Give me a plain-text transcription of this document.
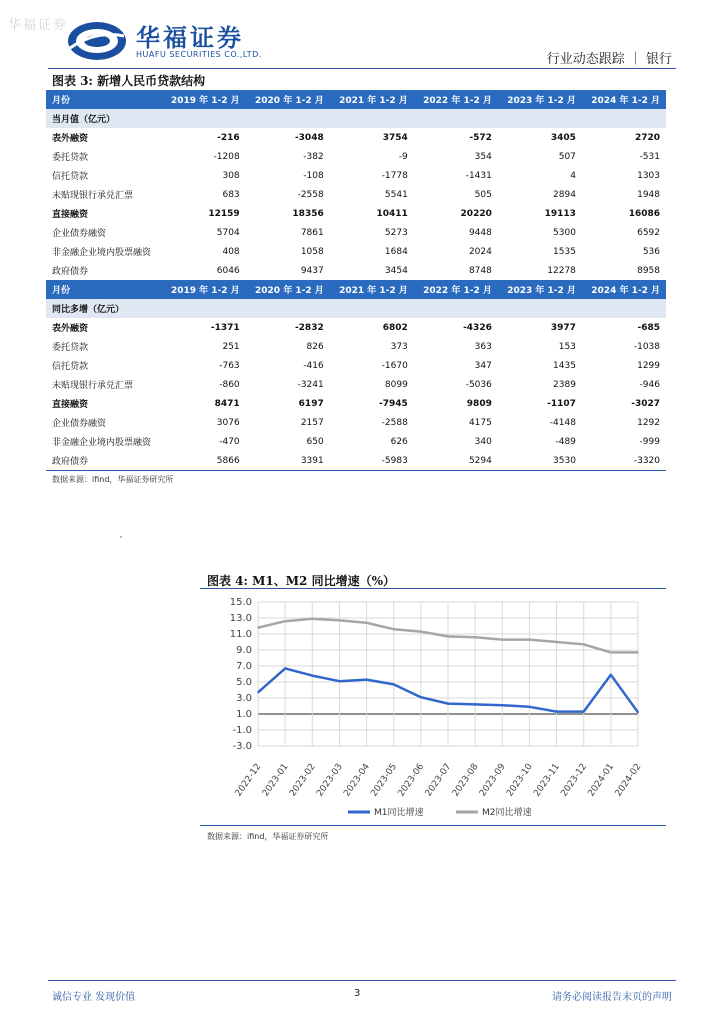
华福证券	华福证券
HUAFU SECURITIES CO.,LTD.	行业动态跟踪 ｜ 银行
图表 3: 新增人民币贷款结构
月份	2019 年 1-2 月	2020 年 1-2 月	2021 年 1-2 月	2022 年 1-2 月	2023 年 1-2 月	2024 年 1-2 月
当月值（亿元）						
表外融资	-216	-3048	3754	-572	3405	2720
委托贷款	-1208	-382	-9	354	507	-531
信托贷款	308	-108	-1778	-1431	4	1303
未贴现银行承兑汇票	683	-2558	5541	505	2894	1948
直接融资	12159	18356	10411	20220	19113	16086
企业债券融资	5704	7861	5273	9448	5300	6592
非金融企业境内股票融资	408	1058	1684	2024	1535	536
政府债券	6046	9437	3454	8748	12278	8958
月份	2019 年 1-2 月	2020 年 1-2 月	2021 年 1-2 月	2022 年 1-2 月	2023 年 1-2 月	2024 年 1-2 月
同比多增（亿元）						
表外融资	-1371	-2832	6802	-4326	3977	-685
委托贷款	251	826	373	363	153	-1038
信托贷款	-763	-416	-1670	347	1435	1299
未贴现银行承兑汇票	-860	-3241	8099	-5036	2389	-946
直接融资	8471	6197	-7945	9809	-1107	-3027
企业债券融资	3076	2157	-2588	4175	-4148	1292
非金融企业境内股票融资	-470	650	626	340	-489	-999
政府债券	5866	3391	-5983	5294	3530	-3320
数据来源：ifind，华福证券研究所
图表 4: M1、M2 同比增速（%）
15.0
13.0
11.0
9.0
7.0
5.0
3.0
1.0
-1.0
-3.0
2022-12
2023-01
2023-02
2023-03
2023-04
2023-05
2023-06
2023-07
2023-08
2023-09
2023-10
2023-11
2023-12
2024-01
2024-02
M1同比增速	M2同比增速
数据来源：ifind，华福证券研究所
诚信专业 发现价值	3	请务必阅读报告末页的声明
